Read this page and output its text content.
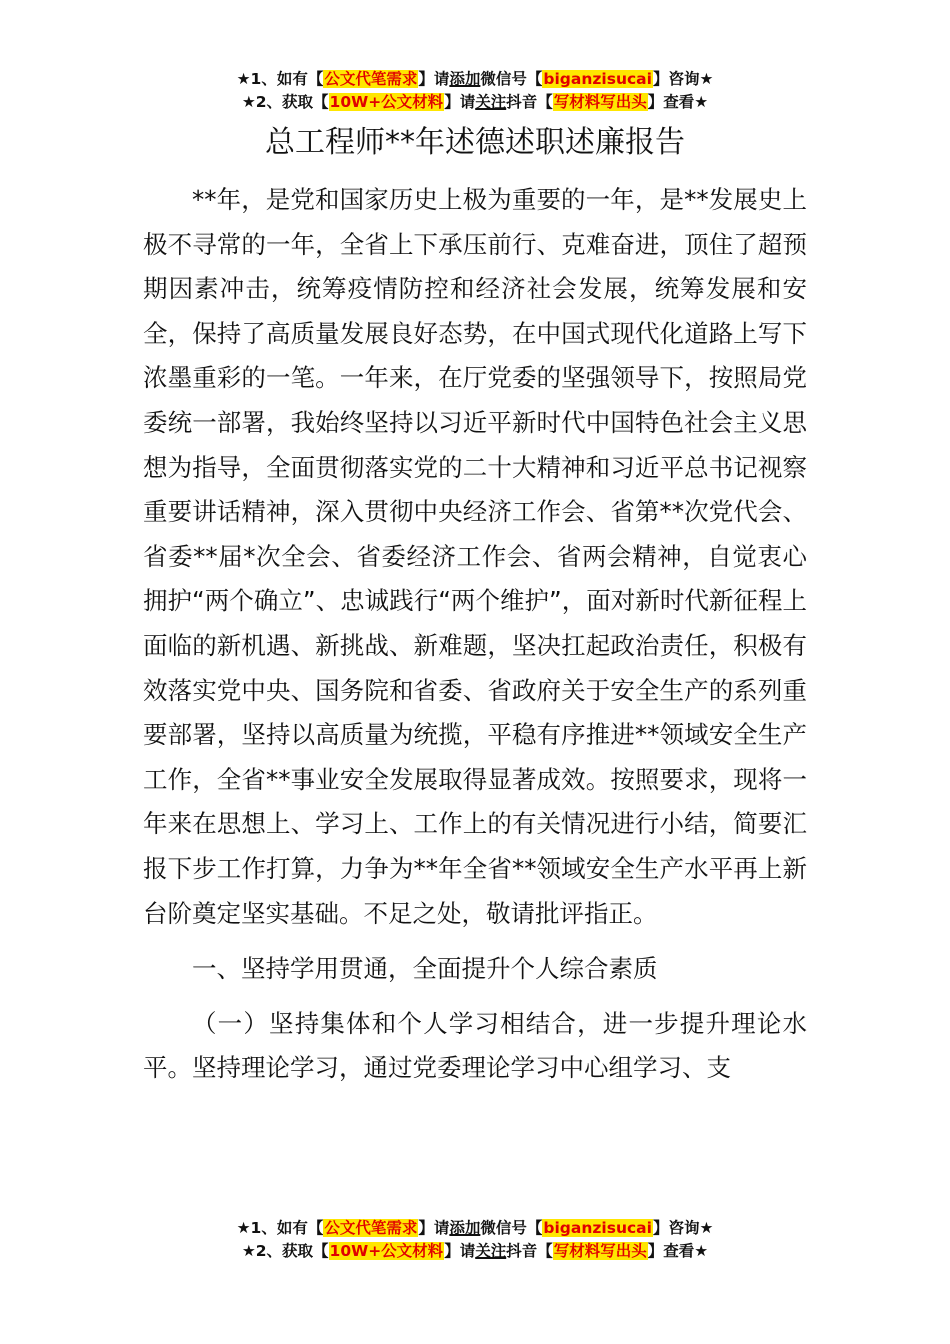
★1、如有【公文代笔需求】请添加微信号【biganzisucai】咨询★
★2、获取【10W+公文材料】请关注抖音【写材料写出头】查看★
总工程师**年述德述职述廉报告

**年，是党和国家历史上极为重要的一年，是**发展史上极不寻常的一年，全省上下承压前行、克难奋进，顶住了超预期因素冲击，统筹疫情防控和经济社会发展，统筹发展和安全，保持了高质量发展良好态势，在中国式现代化道路上写下浓墨重彩的一笔。一年来，在厅党委的坚强领导下，按照局党委统一部署，我始终坚持以习近平新时代中国特色社会主义思想为指导，全面贯彻落实党的二十大精神和习近平总书记视察重要讲话精神，深入贯彻中央经济工作会、省第**次党代会、省委**届*次全会、省委经济工作会、省两会精神，自觉衷心拥护“两个确立”、忠诚践行“两个维护”，面对新时代新征程上面临的新机遇、新挑战、新难题，坚决扛起政治责任，积极有效落实党中央、国务院和省委、省政府关于安全生产的系列重要部署，坚持以高质量为统揽，平稳有序推进**领域安全生产工作，全省**事业安全发展取得显著成效。按照要求，现将一年来在思想上、学习上、工作上的有关情况进行小结，简要汇报下步工作打算，力争为**年全省**领域安全生产水平再上新台阶奠定坚实基础。不足之处，敬请批评指正。

一、坚持学用贯通，全面提升个人综合素质

（一）坚持集体和个人学习相结合，进一步提升理论水平。坚持理论学习，通过党委理论学习中心组学习、支

★1、如有【公文代笔需求】请添加微信号【biganzisucai】咨询★
★2、获取【10W+公文材料】请关注抖音【写材料写出头】查看★
